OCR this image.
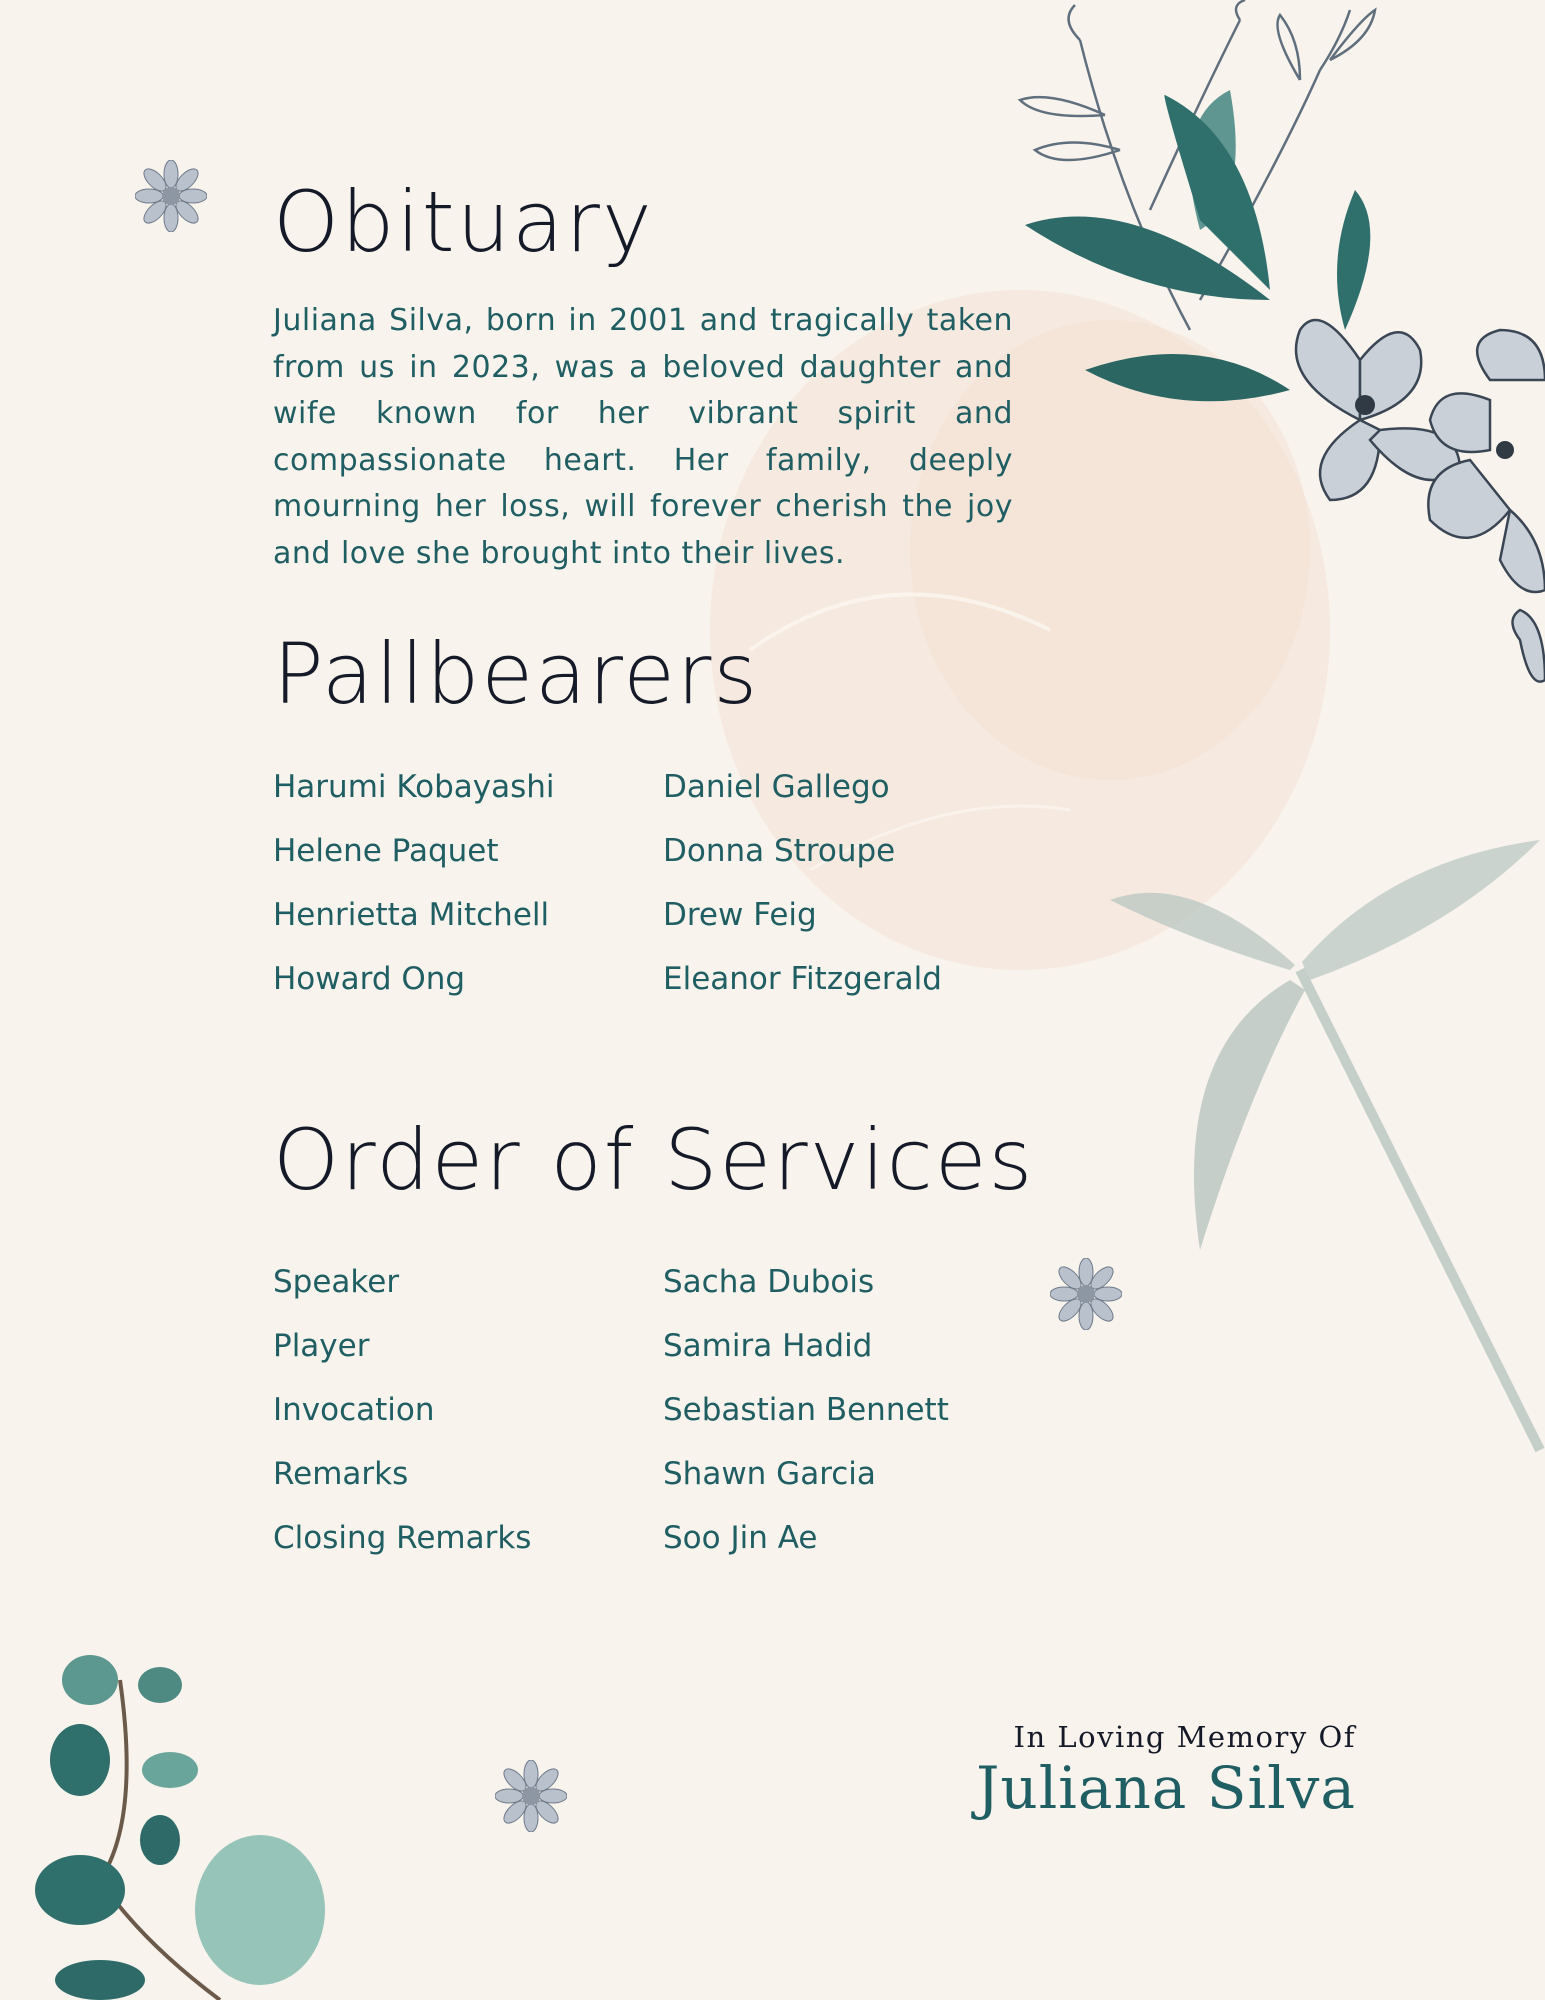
Obituary

Juliana Silva, born in 2001 and tragically taken from us in 2023, was a beloved daughter and wife known for her vibrant spirit and compassionate heart. Her family, deeply mourning her loss, will forever cherish the joy and love she brought into their lives.

Pallbearers
Harumi Kobayashi
Helene Paquet
Henrietta Mitchell
Howard Ong
Daniel Gallego
Donna Stroupe
Drew Feig
Eleanor Fitzgerald
Order of Services
Speaker
Player
Invocation
Remarks
Closing Remarks
Sacha Dubois
Samira Hadid
Sebastian Bennett
Shawn Garcia
Soo Jin Ae
In Loving Memory Of
Juliana Silva
